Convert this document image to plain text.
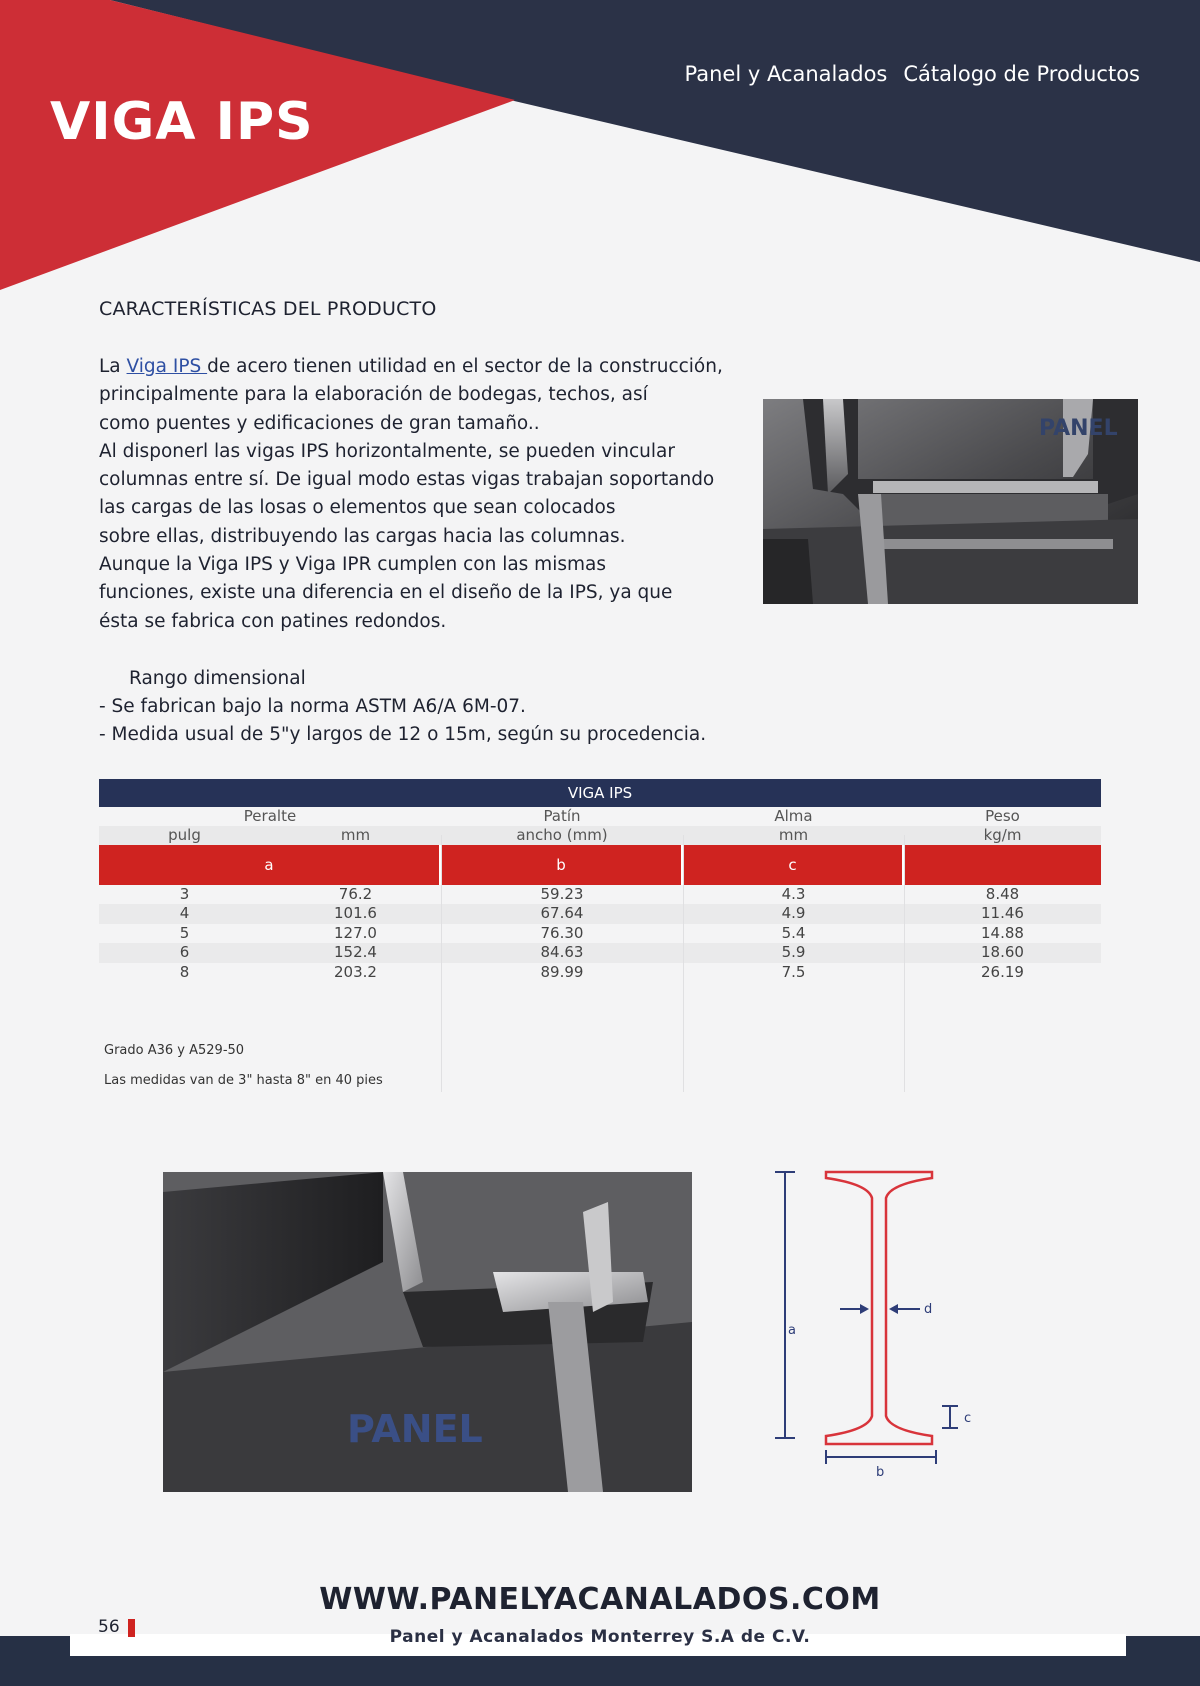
VIGA IPS
Panel y Acanalados Cátalogo de Productos
CARACTERÍSTICAS DEL PRODUCTO

La Viga IPS de acero tienen utilidad en el sector de la construcción,

principalmente para la elaboración de bodegas, techos, así

como puentes y edificaciones de gran tamaño..

Al disponerl las vigas IPS horizontalmente, se pueden vincular

columnas entre sí. De igual modo estas vigas trabajan soportando

las cargas de las losas o elementos que sean colocados

sobre ellas, distribuyendo las cargas hacia las columnas.

Aunque la Viga IPS y Viga IPR cumplen con las mismas

funciones, existe una diferencia en el diseño de la IPS, ya que

ésta se fabrica con patines redondos.

Rango dimensional

- Se fabrican bajo la norma ASTM A6/A 6M-07.

- Medida usual de 5"y largos de 12 o 15m, según su procedencia.

PANEL
VIGA IPS
Peralte	Patín	Alma	Peso
pulg	mm	ancho (mm)	mm	kg/m
a	b	c
3	76.2	59.23	4.3	8.48
4	101.6	67.64	4.9	11.46
5	127.0	76.30	5.4	14.88
6	152.4	84.63	5.9	18.60
8	203.2	89.99	7.5	26.19
Grado A36 y A529-50
Las medidas van de 3" hasta 8" en 40 pies
PANEL
a
d
c
b
WWW.PANELYACANALADOS.COM
Panel y Acanalados Monterrey S.A de C.V.
56
